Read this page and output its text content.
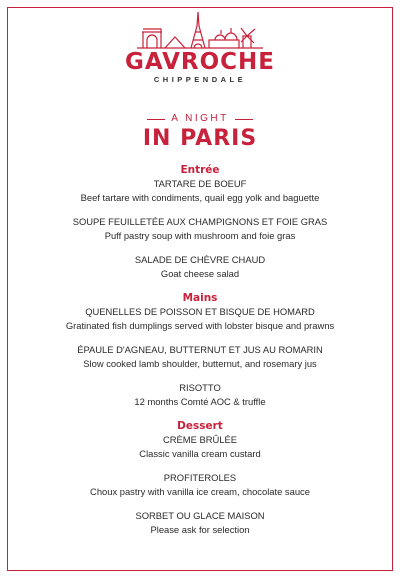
GAVROCHE
CHIPPENDALE
A NIGHT
IN PARIS
Entrée
TARTARE DE BOEUF
Beef tartare with condiments, quail egg yolk and baguette
SOUPE FEUILLETÉE AUX CHAMPIGNONS ET FOIE GRAS
Puff pastry soup with mushroom and foie gras
SALADE DE CHÈVRE CHAUD
Goat cheese salad
Mains
QUENELLES DE POISSON ET BISQUE DE HOMARD
Gratinated fish dumplings served with lobster bisque and prawns
ÉPAULE D'AGNEAU, BUTTERNUT ET JUS AU ROMARIN
Slow cooked lamb shoulder, butternut, and rosemary jus
RISOTTO
12 months Comté AOC & truffle
Dessert
CRÈME BRÛLÉE
Classic vanilla cream custard
PROFITEROLES
Choux pastry with vanilla ice cream, chocolate sauce
SORBET OU GLACE MAISON
Please ask for selection
